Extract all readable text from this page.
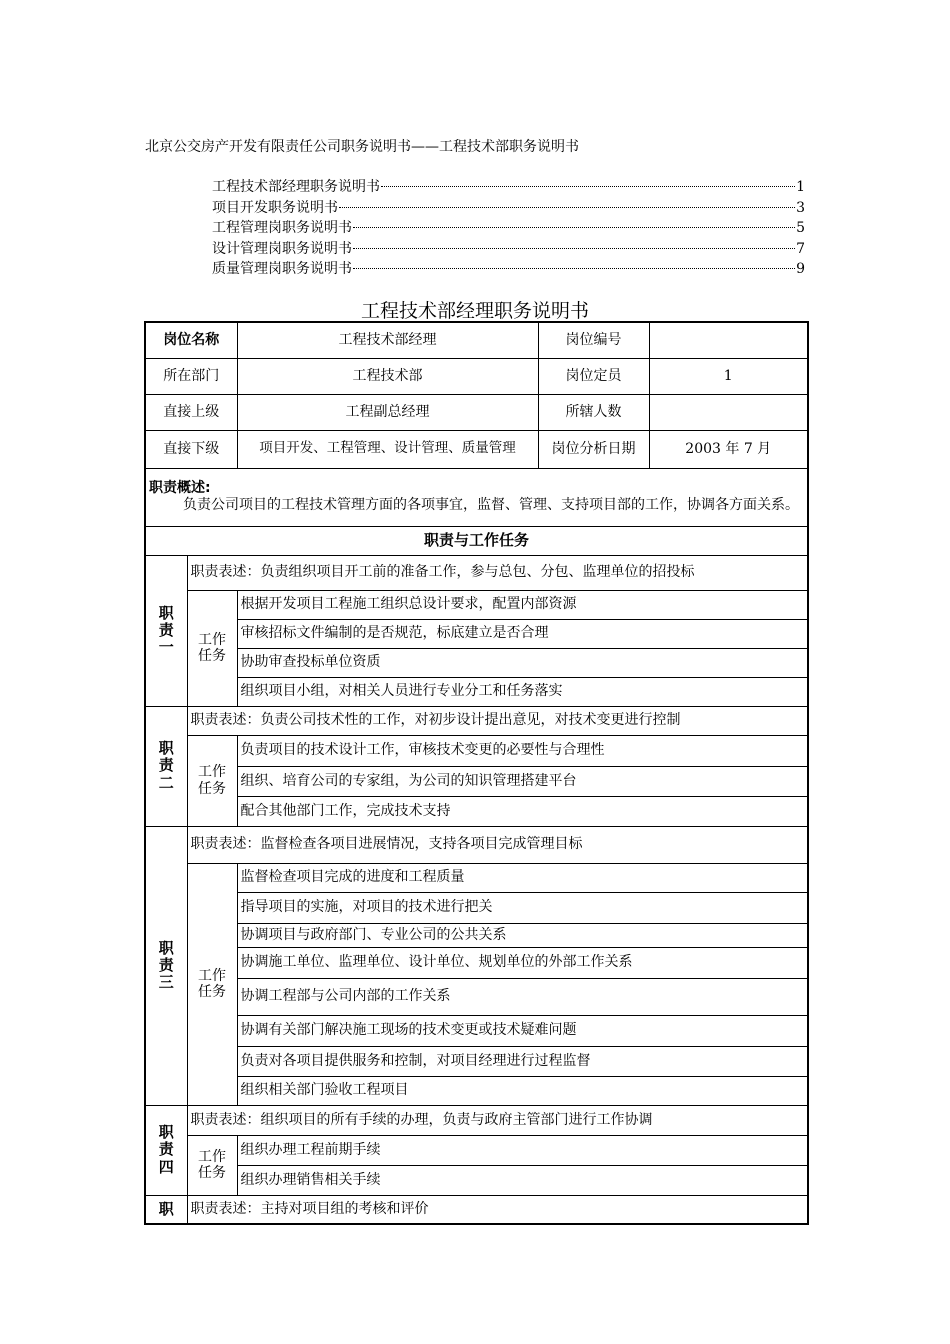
北京公交房产开发有限责任公司职务说明书——工程技术部职务说明书
工程技术部经理职务说明书	1
项目开发职务说明书	3
工程管理岗职务说明书	5
设计管理岗职务说明书	7
质量管理岗职务说明书	9
工程技术部经理职务说明书
岗位名称		工程技术部经理	岗位编号	
所在部门		工程技术部	岗位定员	1
直接上级		工程副总经理	所辖人数	
直接下级		项目开发、工程管理、设计管理、质量管理	岗位分析日期	2003 年 7 月

职责概述:
负责公司项目的工程技术管理方面的各项事宜，监督、管理、支持项目部的工作，协调各方面关系。				

职责与工作任务				
职
责
一	职责表述：负责组织项目开工前的准备工作，参与总包、分包、监理单位的招投标			
	工作
任务	根据开发项目工程施工组织总设计要求，配置内部资源		
		审核招标文件编制的是否规范，标底建立是否合理		
		协助审查投标单位资质		
		组织项目小组，对相关人员进行专业分工和任务落实		
职
责
二	职责表述：负责公司技术性的工作，对初步设计提出意见，对技术变更进行控制			
	工作
任务	负责项目的技术设计工作，审核技术变更的必要性与合理性		
		组织、培育公司的专家组，为公司的知识管理搭建平台		
		配合其他部门工作，完成技术支持		
职
责
三	职责表述：监督检查各项目进展情况，支持各项目完成管理目标			
	工作
任务	监督检查项目完成的进度和工程质量		
		指导项目的实施，对项目的技术进行把关		
		协调项目与政府部门、专业公司的公共关系		
		协调施工单位、监理单位、设计单位、规划单位的外部工作关系		
		协调工程部与公司内部的工作关系		
		协调有关部门解决施工现场的技术变更或技术疑难问题		
		负责对各项目提供服务和控制，对项目经理进行过程监督		
		组织相关部门验收工程项目		
职
责
四	职责表述：组织项目的所有手续的办理，负责与政府主管部门进行工作协调			
	工作
任务	组织办理工程前期手续		
		组织办理销售相关手续		
职	职责表述：主持对项目组的考核和评价			
